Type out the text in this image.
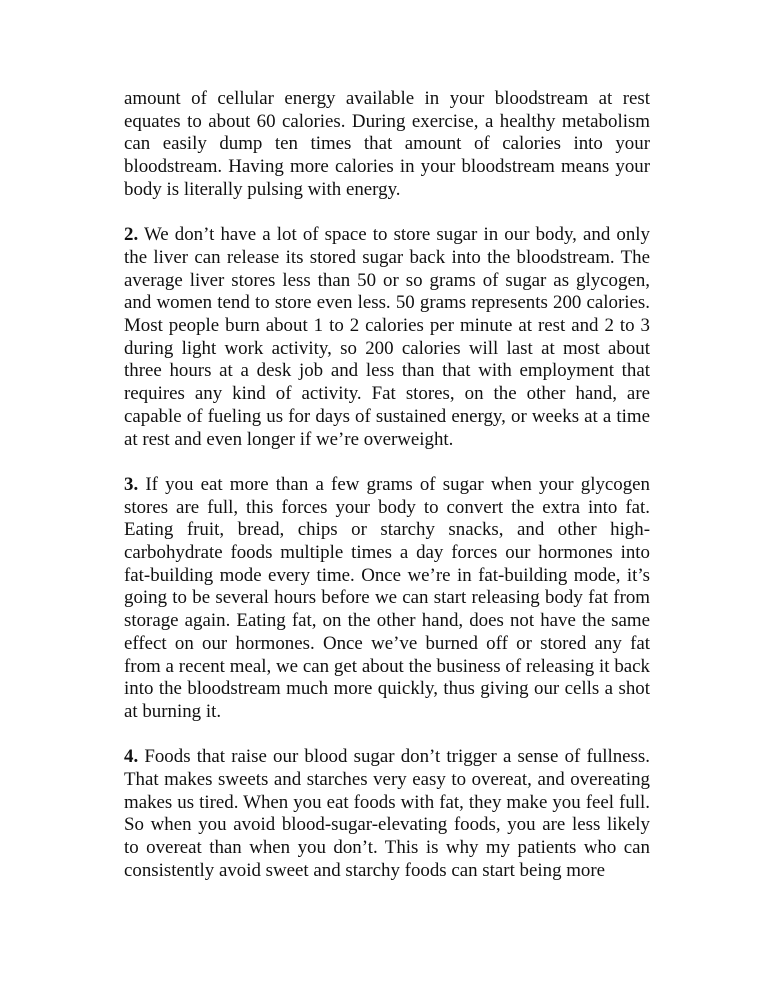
amount of cellular energy available in your bloodstream at rest equates to about 60 calories. During exercise, a healthy metabolism can easily dump ten times that amount of calories into your bloodstream. Having more calories in your bloodstream means your body is literally pulsing with energy.

2. We don’t have a lot of space to store sugar in our body, and only the liver can release its stored sugar back into the bloodstream. The average liver stores less than 50 or so grams of sugar as glycogen, and women tend to store even less. 50 grams represents 200 calories. Most people burn about 1 to 2 calories per minute at rest and 2 to 3 during light work activity, so 200 calories will last at most about three hours at a desk job and less than that with employment that requires any kind of activity. Fat stores, on the other hand, are capable of fueling us for days of sustained energy, or weeks at a time at rest and even longer if we’re overweight.

3. If you eat more than a few grams of sugar when your glycogen stores are full, this forces your body to convert the extra into fat. Eating fruit, bread, chips or starchy snacks, and other high-carbohydrate foods multiple times a day forces our hormones into fat-building mode every time. Once we’re in fat-building mode, it’s going to be several hours before we can start releasing body fat from storage again. Eating fat, on the other hand, does not have the same effect on our hormones. Once we’ve burned off or stored any fat from a recent meal, we can get about the business of releasing it back into the bloodstream much more quickly, thus giving our cells a shot at burning it.

4. Foods that raise our blood sugar don’t trigger a sense of fullness. That makes sweets and starches very easy to overeat, and overeating makes us tired. When you eat foods with fat, they make you feel full. So when you avoid blood-sugar-elevating foods, you are less likely to overeat than when you don’t. This is why my patients who can consistently avoid sweet and starchy foods can start being more
